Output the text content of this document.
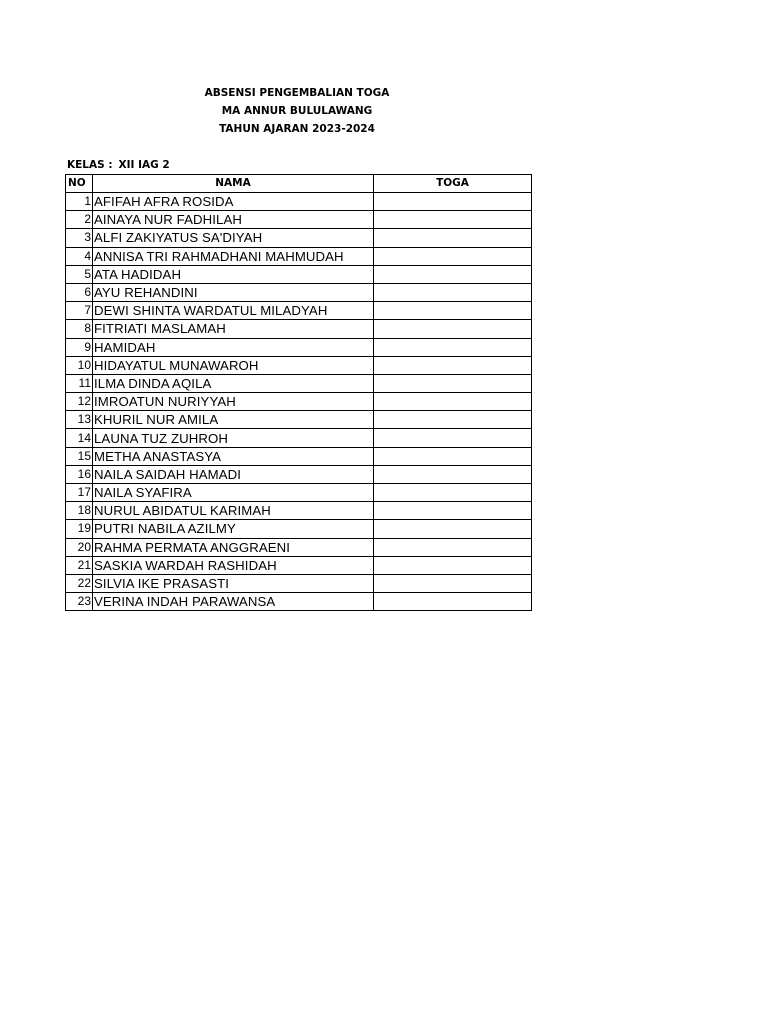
ABSENSI PENGEMBALIAN TOGA
MA ANNUR BULULAWANG
TAHUN AJARAN 2023-2024
KELAS : XII IAG 2
NO	NAMA	TOGA
1	AFIFAH AFRA ROSIDA	
2	AINAYA NUR FADHILAH	
3	ALFI ZAKIYATUS SA'DIYAH	
4	ANNISA TRI RAHMADHANI MAHMUDAH	
5	ATA HADIDAH	
6	AYU REHANDINI	
7	DEWI SHINTA WARDATUL MILADYAH	
8	FITRIATI MASLAMAH	
9	HAMIDAH	
10	HIDAYATUL MUNAWAROH	
11	ILMA DINDA AQILA	
12	IMROATUN NURIYYAH	
13	KHURIL NUR AMILA	
14	LAUNA TUZ ZUHROH	
15	METHA ANASTASYA	
16	NAILA SAIDAH HAMADI	
17	NAILA SYAFIRA	
18	NURUL ABIDATUL KARIMAH	
19	PUTRI NABILA AZILMY	
20	RAHMA PERMATA ANGGRAENI	
21	SASKIA WARDAH RASHIDAH	
22	SILVIA IKE PRASASTI	
23	VERINA INDAH PARAWANSA	
